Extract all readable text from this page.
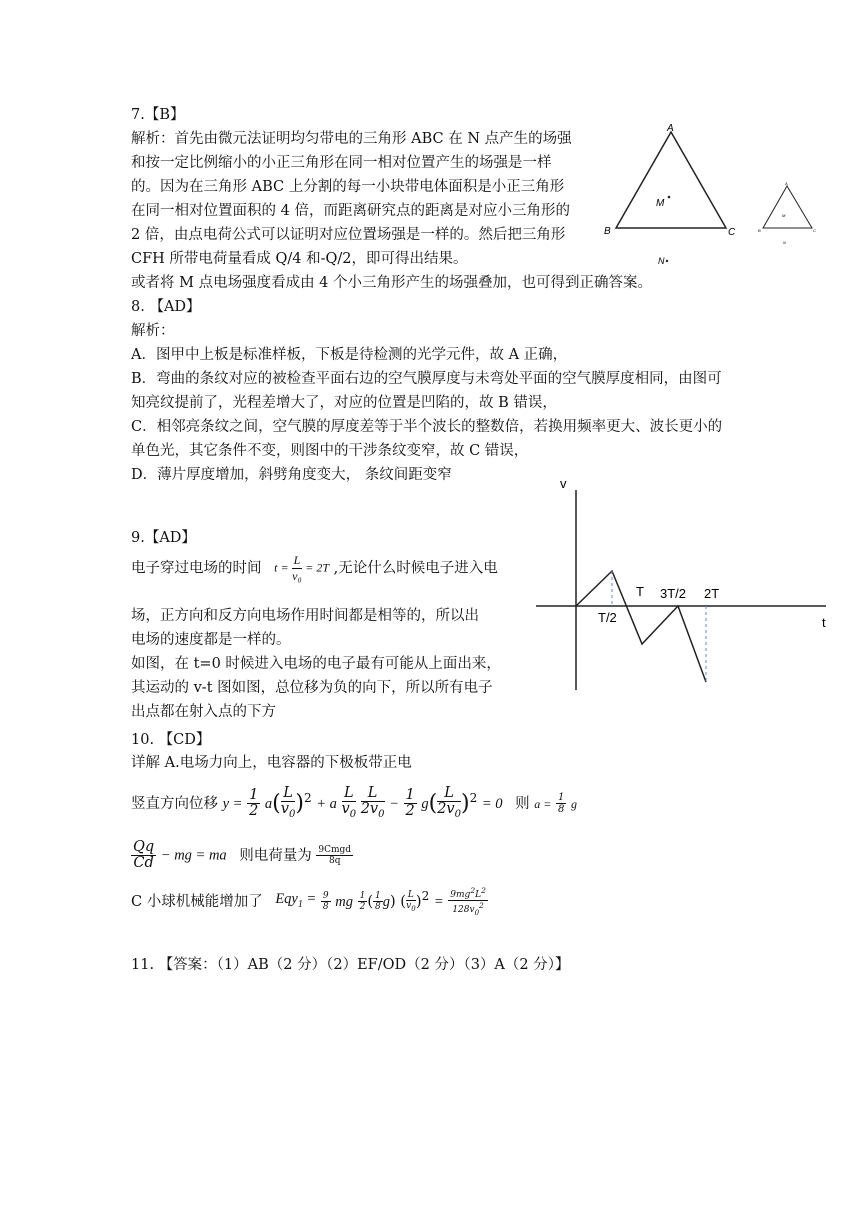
7.【B】
解析：首先由微元法证明均匀带电的三角形 ABC 在 N 点产生的场强
和按一定比例缩小的小正三角形在同一相对位置产生的场强是一样
的。因为在三角形 ABC 上分割的每一小块带电体面积是小正三角形
在同一相对位置面积的 4 倍，而距离研究点的距离是对应小三角形的
2 倍，由点电荷公式可以证明对应位置场强是一样的。然后把三角形
CFH 所带电荷量看成 Q/4 和-Q/2，即可得出结果。
或者将 M 点电场强度看成由 4 个小三角形产生的场强叠加，也可得到正确答案。
A
B	C
M
N
A
B	C
M
N
8. 【AD】
解析：
A．图甲中上板是标准样板，下板是待检测的光学元件，故 A 正确，
B．弯曲的条纹对应的被检查平面右边的空气膜厚度与未弯处平面的空气膜厚度相同，由图可
知亮纹提前了，光程差增大了，对应的位置是凹陷的，故 B 错误，
C．相邻亮条纹之间，空气膜的厚度差等于半个波长的整数倍，若换用频率更大、波长更小的
单色光，其它条件不变，则图中的干涉条纹变窄，故 C 错误，
D．薄片厚度增加，斜劈角度变大， 条纹间距变窄
9.【AD】
电子穿过电场的时间 $t = \frac{L}{\text{v₀}} = 2T$ ,无论什么时候电子进入电
场，正方向和反方向电场作用时间都是相等的，所以出
电场的速度都是一样的。
如图，在 t=0 时候进入电场的电子最有可能从上面出来，
其运动的 v-t 图如图，总位移为负的向下，所以所有电子
出点都在射入点的下方
v
t
T/2
T 3T/2 2T
10. 【CD】
详解 A.电场力向上，电容器的下极板带正电
竖直方向位移 $y = \frac{1}{2} a( \frac{L}{v_0} )^2 + a \frac{L}{v_0}$
$\frac{L}{2v_0} - \frac{1}{2} g( \frac{L}{2v_0} )^2 = 0$ 则 $a = \frac{1}{8}$ g
$\frac{Qq}{Cd}$ − mg = ma 则电荷量为 $\frac{\text{9Cmgd}}{8q}$
C 小球机械能增加了 $Eqy_1 = \frac{9}{8}$ mg $\frac{1}{2}$ ( $\frac{1}{8} g$) ( $\frac{L}{v_0} )^2 = \frac{9mg^2L^2}{128v_0^2}$
11. 【答案：（1）AB（2 分）（2）EF/OD（2 分）（3）A（2 分）】
